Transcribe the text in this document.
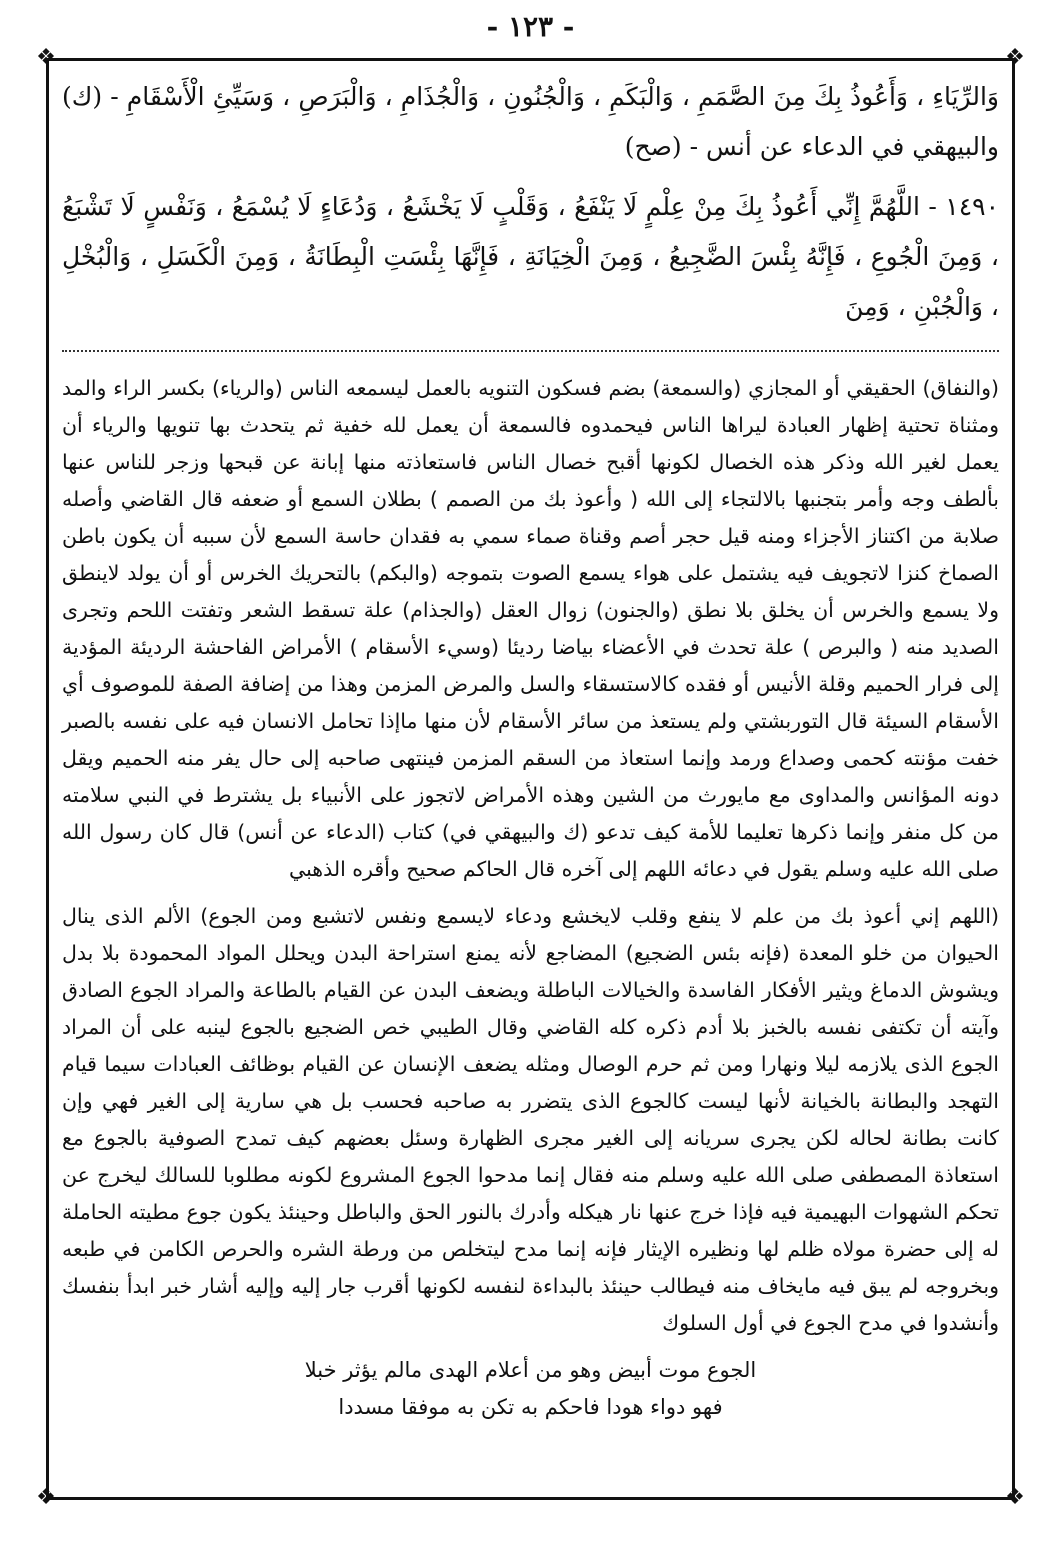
❖	❖
❖	❖
- ١٢٣ -

وَالرِّيَاءِ ، وَأَعُوذُ بِكَ مِنَ الصَّمَمِ ، وَالْبَكَمِ ، وَالْجُنُونِ ، وَالْجُذَامِ ، وَالْبَرَصِ ، وَسَيِّئِ الْأَسْقَامِ - (ك) والبيهقي في الدعاء عن أنس - (صح)

١٤٩٠ - اللَّهُمَّ إِنِّي أَعُوذُ بِكَ مِنْ عِلْمٍ لَا يَنْفَعُ ، وَقَلْبٍ لَا يَخْشَعُ ، وَدُعَاءٍ لَا يُسْمَعُ ، وَنَفْسٍ لَا تَشْبَعُ ، وَمِنَ الْجُوعِ ، فَإِنَّهُ بِئْسَ الضَّجِيعُ ، وَمِنَ الْخِيَانَةِ ، فَإِنَّهَا بِئْسَتِ الْبِطَانَةُ ، وَمِنَ الْكَسَلِ ، وَالْبُخْلِ ، وَالْجُبْنِ ، وَمِنَ

(والنفاق) الحقيقي أو المجازي (والسمعة) بضم فسكون التنويه بالعمل ليسمعه الناس (والرياء) بكسر الراء والمد ومثناة تحتية إظهار العبادة ليراها الناس فيحمدوه فالسمعة أن يعمل لله خفية ثم يتحدث بها تنويها والرياء أن يعمل لغير الله وذكر هذه الخصال لكونها أقبح خصال الناس فاستعاذته منها إبانة عن قبحها وزجر للناس عنها بألطف وجه وأمر بتجنبها بالالتجاء إلى الله ( وأعوذ بك من الصمم ) بطلان السمع أو ضعفه قال القاضي وأصله صلابة من اكتناز الأجزاء ومنه قيل حجر أصم وقناة صماء سمي به فقدان حاسة السمع لأن سببه أن يكون باطن الصماخ كنزا لاتجويف فيه يشتمل على هواء يسمع الصوت بتموجه (والبكم) بالتحريك الخرس أو أن يولد لاينطق ولا يسمع والخرس أن يخلق بلا نطق (والجنون) زوال العقل (والجذام) علة تسقط الشعر وتفتت اللحم وتجرى الصديد منه ( والبرص ) علة تحدث في الأعضاء بياضا رديئا (وسيء الأسقام ) الأمراض الفاحشة الرديئة المؤدية إلى فرار الحميم وقلة الأنيس أو فقده كالاستسقاء والسل والمرض المزمن وهذا من إضافة الصفة للموصوف أي الأسقام السيئة قال التوربشتي ولم يستعذ من سائر الأسقام لأن منها ماإذا تحامل الانسان فيه على نفسه بالصبر خفت مؤنته كحمى وصداع ورمد وإنما استعاذ من السقم المزمن فينتهى صاحبه إلى حال يفر منه الحميم ويقل دونه المؤانس والمداوى مع مايورث من الشين وهذه الأمراض لاتجوز على الأنبياء بل يشترط في النبي سلامته من كل منفر وإنما ذكرها تعليما للأمة كيف تدعو (ك والبيهقي في) كتاب (الدعاء عن أنس) قال كان رسول الله صلى الله عليه وسلم يقول في دعائه اللهم إلى آخره قال الحاكم صحيح وأقره الذهبي

(اللهم إني أعوذ بك من علم لا ينفع وقلب لايخشع ودعاء لايسمع ونفس لاتشبع ومن الجوع) الألم الذى ينال الحيوان من خلو المعدة (فإنه بئس الضجيع) المضاجع لأنه يمنع استراحة البدن ويحلل المواد المحمودة بلا بدل ويشوش الدماغ ويثير الأفكار الفاسدة والخيالات الباطلة ويضعف البدن عن القيام بالطاعة والمراد الجوع الصادق وآيته أن تكتفى نفسه بالخبز بلا أدم ذكره كله القاضي وقال الطيبي خص الضجيع بالجوع لينبه على أن المراد الجوع الذى يلازمه ليلا ونهارا ومن ثم حرم الوصال ومثله يضعف الإنسان عن القيام بوظائف العبادات سيما قيام التهجد والبطانة بالخيانة لأنها ليست كالجوع الذى يتضرر به صاحبه فحسب بل هي سارية إلى الغير فهي وإن كانت بطانة لحاله لكن يجرى سريانه إلى الغير مجرى الظهارة وسئل بعضهم كيف تمدح الصوفية بالجوع مع استعاذة المصطفى صلى الله عليه وسلم منه فقال إنما مدحوا الجوع المشروع لكونه مطلوبا للسالك ليخرج عن تحكم الشهوات البهيمية فيه فإذا خرج عنها نار هيكله وأدرك بالنور الحق والباطل وحينئذ يكون جوع مطيته الحاملة له إلى حضرة مولاه ظلم لها ونظيره الإيثار فإنه إنما مدح ليتخلص من ورطة الشره والحرص الكامن في طبعه وبخروجه لم يبق فيه مايخاف منه فيطالب حينئذ بالبداءة لنفسه لكونها أقرب جار إليه وإليه أشار خبر ابدأ بنفسك وأنشدوا في مدح الجوع في أول السلوك

الجوع موت أبيض وهو من أعلام الهدى مالم يؤثر خبلا
فهو دواء هودا فاحكم به تكن به موفقا مسددا
